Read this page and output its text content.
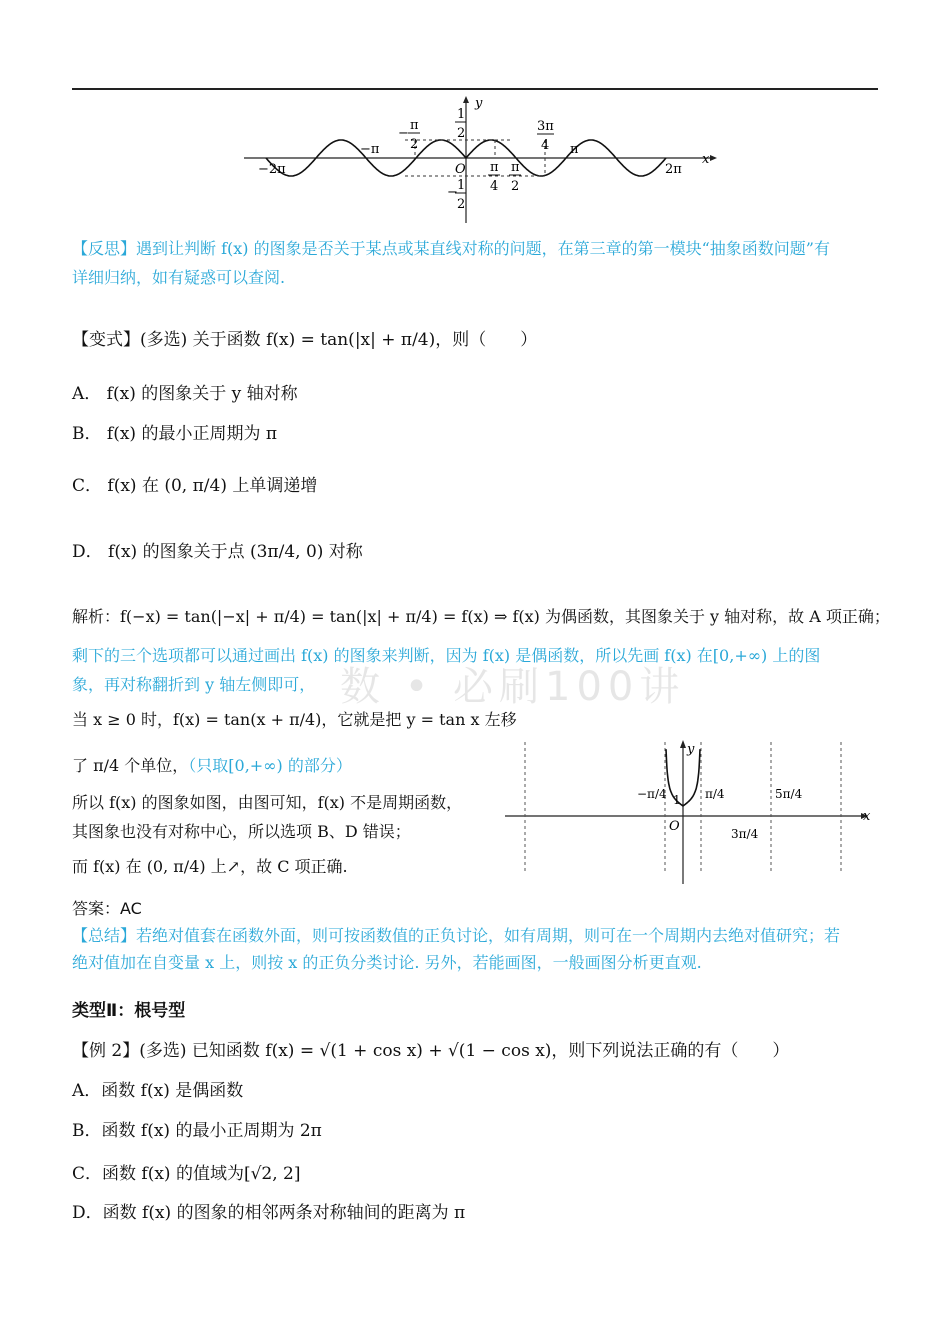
y
x
1
2
− 1
2
−π
−2π	O
−
π
2
π
4
π
2
3π
4 π
2π
【反思】遇到让判断 f(x) 的图象是否关于某点或某直线对称的问题，在第三章的第一模块“抽象函数问题”有
详细归纳，如有疑惑可以查阅.
【变式】(多选) 关于函数 f(x) = tan(|x| + π/4)，则（　　）
A． f(x) 的图象关于 y 轴对称
B． f(x) 的最小正周期为 π
C． f(x) 在 (0, π/4) 上单调递增
D． f(x) 的图象关于点 (3π/4, 0) 对称
解析：f(−x) = tan(|−x| + π/4) = tan(|x| + π/4) = f(x) ⇒ f(x) 为偶函数，其图象关于 y 轴对称，故 A 项正确；
剩下的三个选项都可以通过画出 f(x) 的图象来判断，因为 f(x) 是偶函数，所以先画 f(x) 在[0,+∞) 上的图
象，再对称翻折到 y 轴左侧即可， 数 • 必刷100讲
当 x ≥ 0 时，f(x) = tan(x + π/4)，它就是把 y = tan x 左移
了 π/4 个单位，（只取[0,+∞) 的部分）
所以 f(x) 的图象如图，由图可知，f(x) 不是周期函数，
其图象也没有对称中心，所以选项 B、D 错误；
而 f(x) 在 (0, π/4) 上↗，故 C 项正确.
y
x
O
1
−π/4	π/4
3π/4
5π/4
答案：AC
【总结】若绝对值套在函数外面，则可按函数值的正负讨论，如有周期，则可在一个周期内去绝对值研究；若
绝对值加在自变量 x 上，则按 x 的正负分类讨论. 另外，若能画图，一般画图分析更直观.
类型Ⅱ：根号型
【例 2】(多选) 已知函数 f(x) = √(1 + cos x) + √(1 − cos x)，则下列说法正确的有（　　）
A．函数 f(x) 是偶函数
B．函数 f(x) 的最小正周期为 2π
C．函数 f(x) 的值域为[√2, 2]
D．函数 f(x) 的图象的相邻两条对称轴间的距离为 π
